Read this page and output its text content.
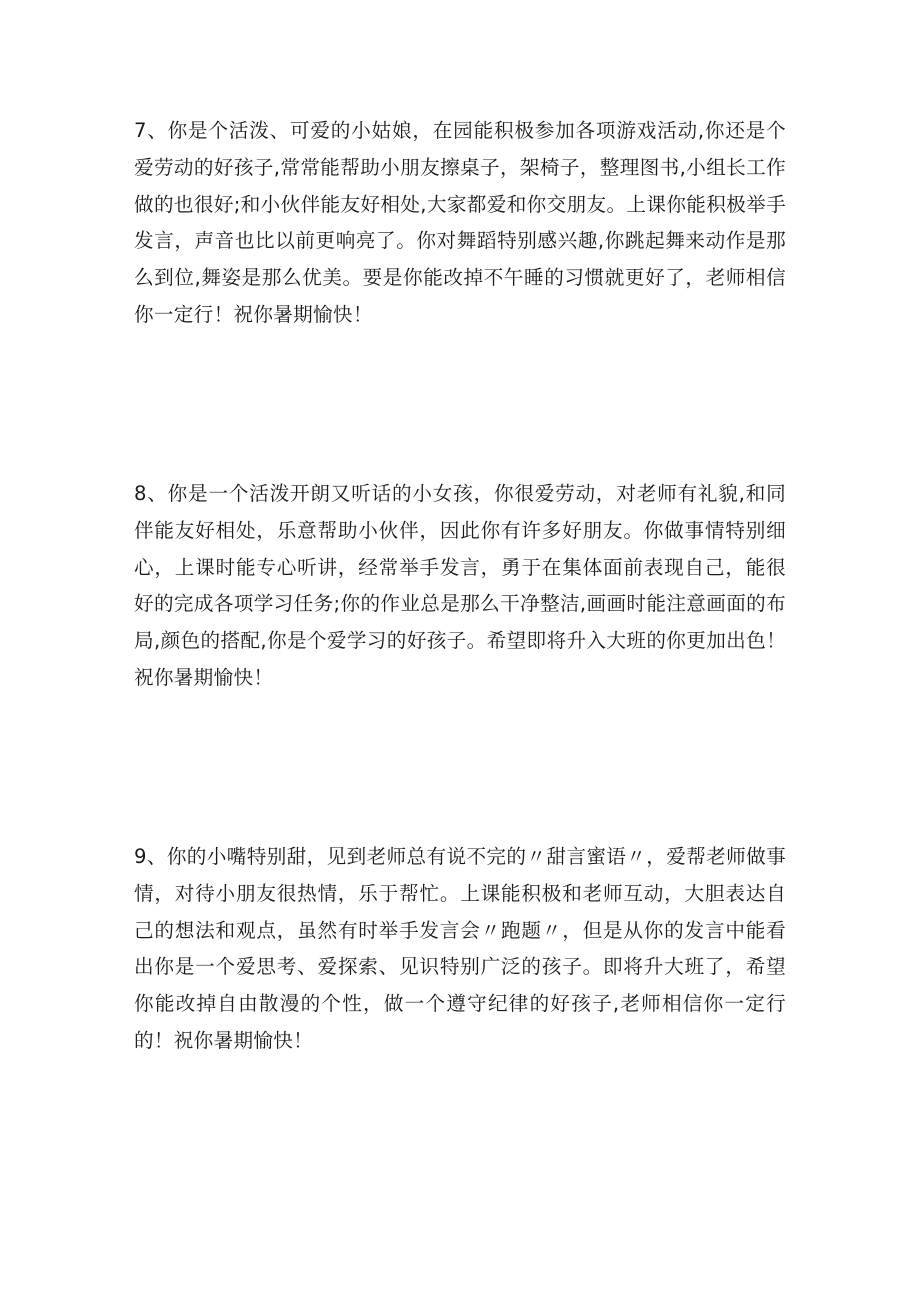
7、你是个活泼、可爱的小姑娘，在园能积极参加各项游戏活动,你还是个爱劳动的好孩子,常常能帮助小朋友擦桌子，架椅子，整理图书,小组长工作做的也很好;和小伙伴能友好相处,大家都爱和你交朋友。上课你能积极举手发言，声音也比以前更响亮了。你对舞蹈特别感兴趣,你跳起舞来动作是那么到位,舞姿是那么优美。要是你能改掉不午睡的习惯就更好了，老师相信你一定行！祝你暑期愉快！

8、你是一个活泼开朗又听话的小女孩，你很爱劳动，对老师有礼貌,和同伴能友好相处，乐意帮助小伙伴，因此你有许多好朋友。你做事情特别细心，上课时能专心听讲，经常举手发言，勇于在集体面前表现自己，能很好的完成各项学习任务;你的作业总是那么干净整洁,画画时能注意画面的布局,颜色的搭配,你是个爱学习的好孩子。希望即将升入大班的你更加出色！祝你暑期愉快！

9、你的小嘴特别甜，见到老师总有说不完的〃甜言蜜语〃，爱帮老师做事情，对待小朋友很热情，乐于帮忙。上课能积极和老师互动，大胆表达自己的想法和观点，虽然有时举手发言会〃跑题〃，但是从你的发言中能看出你是一个爱思考、爱探索、见识特别广泛的孩子。即将升大班了，希望你能改掉自由散漫的个性，做一个遵守纪律的好孩子,老师相信你一定行的！祝你暑期愉快！
